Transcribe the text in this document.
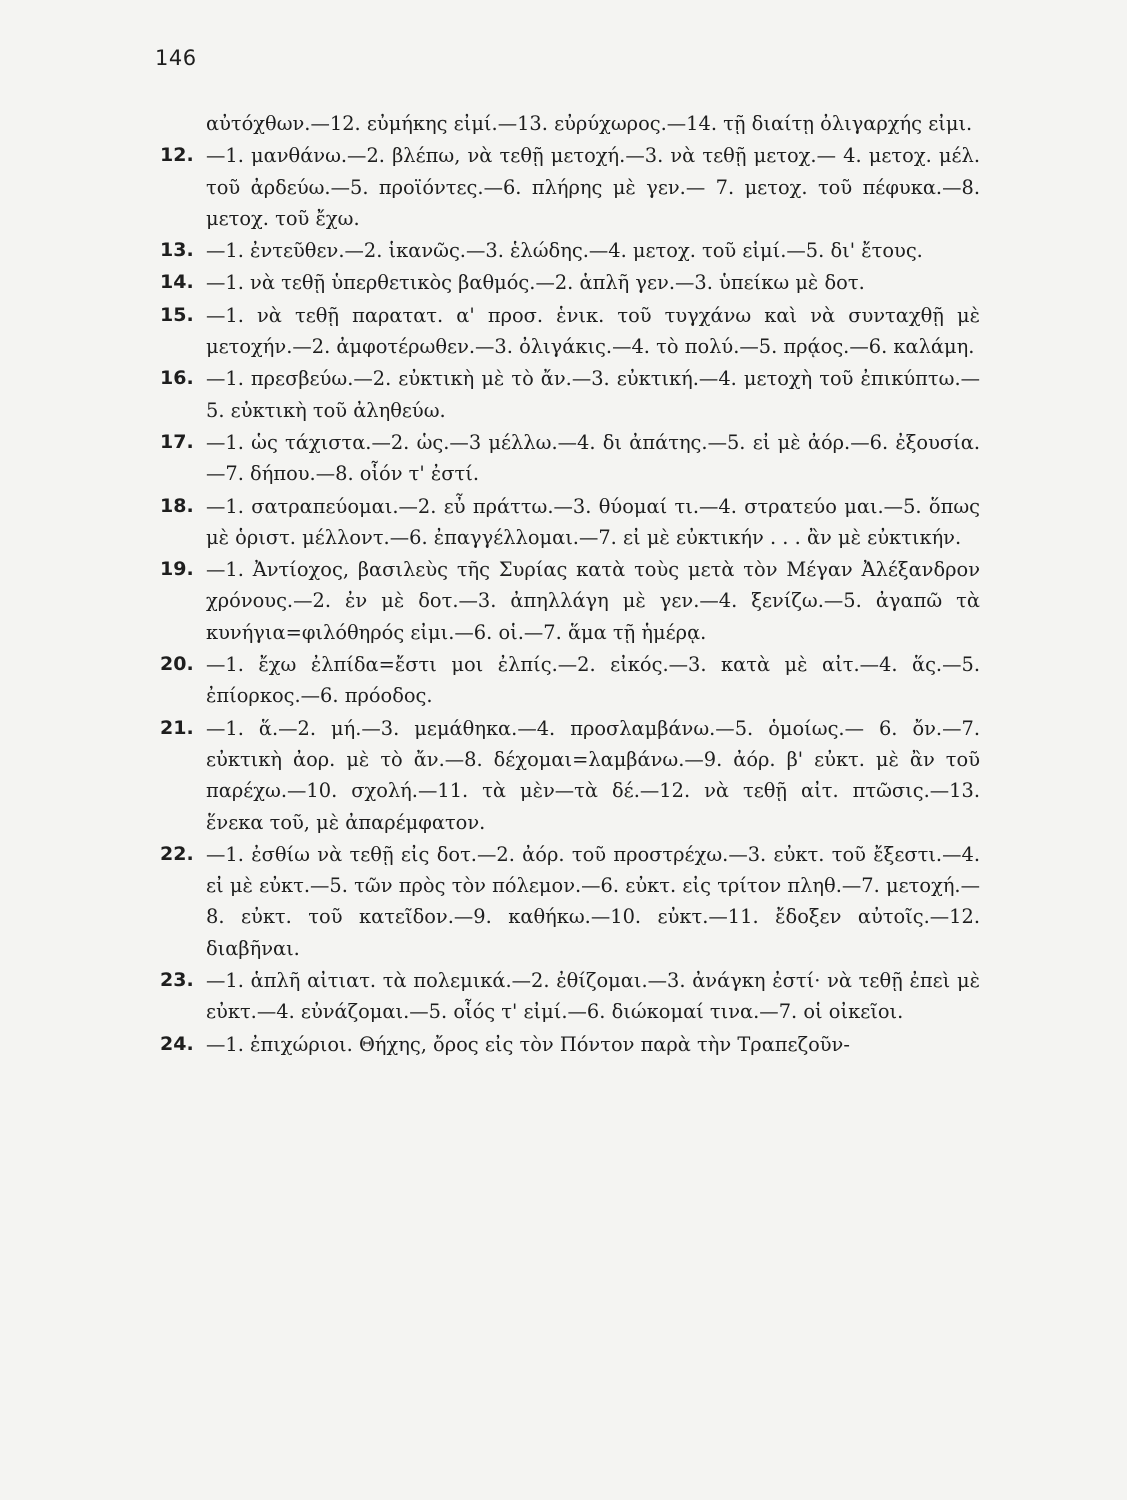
146
αὐτόχθων.—12. εὐμήκης εἰμί.—13. εὐρύχωρος.—14. τῇ διαίτῃ ὀλιγαρχής εἰμι.
12. —1. μανθάνω.—2. βλέπω, νὰ τεθῇ μετοχή.—3. νὰ τεθῇ μετοχ.— 4. μετοχ. μέλ. τοῦ ἀρδεύω.—5. προϊόντες.—6. πλήρης μὲ γεν.— 7. μετοχ. τοῦ πέφυκα.—8. μετοχ. τοῦ ἔχω.
13. —1. ἐντεῦθεν.—2. ἱκανῶς.—3. ἑλώδης.—4. μετοχ. τοῦ εἰμί.—5. δι' ἔτους.
14. —1. νὰ τεθῇ ὑπερθετικὸς βαθμός.—2. ἁπλῆ γεν.—3. ὑπείκω μὲ δοτ.
15. —1. νὰ τεθῇ παρατατ. α' προσ. ἑνικ. τοῦ τυγχάνω καὶ νὰ συνταχθῇ μὲ μετοχήν.—2. ἀμφοτέρωθεν.—3. ὀλιγάκις.—4. τὸ πολύ.—5. πρᾴος.—6. καλάμη.
16. —1. πρεσβεύω.—2. εὐκτικὴ μὲ τὸ ἄν.—3. εὐκτική.—4. μετοχὴ τοῦ ἐπικύπτω.—5. εὐκτικὴ τοῦ ἀληθεύω.
17. —1. ὡς τάχιστα.—2. ὡς.—3 μέλλω.—4. δι ἀπάτης.—5. εἰ μὲ ἀόρ.—6. ἐξουσία.—7. δήπου.—8. οἷόν τ' ἐστί.
18. —1. σατραπεύομαι.—2. εὖ πράττω.—3. θύομαί τι.—4. στρατεύο μαι.—5. ὅπως μὲ ὁριστ. μέλλοντ.—6. ἐπαγγέλλομαι.—7. εἰ μὲ εὐκτικήν . . . ἂν μὲ εὐκτικήν.
19. —1. Ἀντίοχος, βασιλεὺς τῆς Συρίας κατὰ τοὺς μετὰ τὸν Μέγαν Ἀλέξανδρον χρόνους.—2. ἐν μὲ δοτ.—3. ἀπηλλάγη μὲ γεν.—4. ξενίζω.—5. ἀγαπῶ τὰ κυνήγια=φιλόθηρός εἰμι.—6. οἱ.—7. ἅμα τῇ ἡμέρᾳ.
20. —1. ἔχω ἐλπίδα=ἔστι μοι ἐλπίς.—2. εἰκός.—3. κατὰ μὲ αἰτ.—4. ἅς.—5. ἐπίορκος.—6. πρόοδος.
21. —1. ἅ.—2. μή.—3. μεμάθηκα.—4. προσλαμβάνω.—5. ὁμοίως.— 6. ὄν.—7. εὐκτικὴ ἀορ. μὲ τὸ ἄν.—8. δέχομαι=λαμβάνω.—9. ἀόρ. β' εὐκτ. μὲ ἂν τοῦ παρέχω.—10. σχολή.—11. τὰ μὲν—τὰ δέ.—12. νὰ τεθῇ αἰτ. πτῶσις.—13. ἕνεκα τοῦ, μὲ ἀπαρέμφατον.
22. —1. ἐσθίω νὰ τεθῇ εἰς δοτ.—2. ἀόρ. τοῦ προστρέχω.—3. εὐκτ. τοῦ ἔξεστι.—4. εἰ μὲ εὐκτ.—5. τῶν πρὸς τὸν πόλεμον.—6. εὐκτ. εἰς τρίτον πληθ.—7. μετοχή.—8. εὐκτ. τοῦ κατεῖδον.—9. καθήκω.—10. εὐκτ.—11. ἔδοξεν αὐτοῖς.—12. διαβῆναι.
23. —1. ἁπλῆ αἰτιατ. τὰ πολεμικά.—2. ἐθίζομαι.—3. ἀνάγκη ἐστί· νὰ τεθῇ ἐπεὶ μὲ εὐκτ.—4. εὐνάζομαι.—5. οἷός τ' εἰμί.—6. διώκομαί τινα.—7. οἱ οἰκεῖοι.
24. —1. ἐπιχώριοι. Θήχης, ὄρος εἰς τὸν Πόντον παρὰ τὴν Τραπεζοῦν-
